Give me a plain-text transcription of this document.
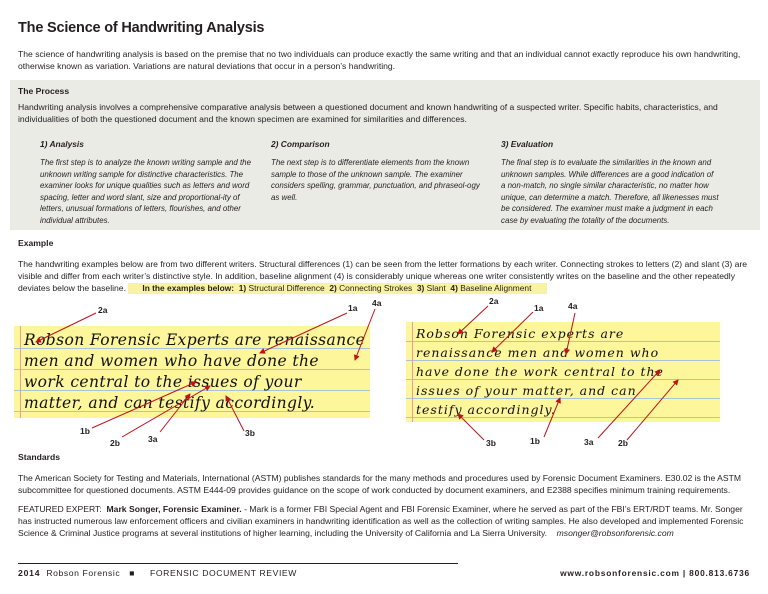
The Science of Handwriting Analysis
The science of handwriting analysis is based on the premise that no two individuals can produce exactly the same writing and that an individual cannot exactly reproduce his own handwriting, otherwise known as variation. Variations are natural deviations that occur in a person’s handwriting.
The Process
Handwriting analysis involves a comprehensive comparative analysis between a questioned document and known handwriting of a suspected writer. Specific habits, characteristics, and individualities of both the questioned document and the known specimen are examined for similarities and differences.
1) Analysis
The first step is to analyze the known writing sample and the unknown writing sample for distinctive characteristics. The examiner looks for unique qualities such as letters and word spacing, letter and word slant, size and proportional-ity of letters, unusual formations of letters, flourishes, and other individual attributes.
2) Comparison
The next step is to differentiate elements from the known sample to those of the unknown sample. The examiner considers spelling, grammar, punctuation, and phraseol-ogy as well.
3) Evaluation
The final step is to evaluate the similarities in the known and unknown samples. While differences are a good indication of a non-match, no single similar characteristic, no matter how unique, can determine a match. Therefore, all likenesses must be considered. The examiner must make a judgment in each case by evaluating the totality of the documents.
Example
The handwriting examples below are from two different writers. Structural differences (1) can be seen from the letter formations by each writer. Connecting strokes to letters (2) and slant (3) are visible and differ from each writer’s distinctive style. In addition, baseline alignment (4) is considerably unique whereas one writer consistently writes on the baseline and the other repeatedly deviates below the baseline. In the examples below: 1) Structural Difference 2) Connecting Strokes 3) Slant 4) Baseline Alignment
Robson Forensic Experts are renaissance
men and women who have done the
work central to the issues of your
matter, and can testify accordingly.
Robson Forensic experts are
renaissance men and women who
have done the work central to the
issues of your matter, and can
testify accordingly.
2a	1a 4a
1b
2b	3a
3b
2a
1a	4a
3b	1b	3a	2b
Standards
The American Society for Testing and Materials, International (ASTM) publishes standards for the many methods and procedures used by Forensic Document Examiners. E30.02 is the ASTM subcommittee for questioned documents. ASTM E444-09 provides guidance on the scope of work conducted by document examiners, and E2388 specifies minimum training requirements.
FEATURED EXPERT: Mark Songer, Forensic Examiner. - Mark is a former FBI Special Agent and FBI Forensic Examiner, where he served as part of the FBI’s ERT/RDT teams. Mr. Songer has instructed numerous law enforcement officers and civilian examiners in handwriting identification as well as the collection of writing samples. He also developed and implemented Forensic Science & Criminal Justice programs at several institutions of higher learning, including the University of California and La Sierra University. msonger@robsonforensic.com
2014 Robson Forensic ■ FORENSIC DOCUMENT REVIEW	www.robsonforensic.com | 800.813.6736
